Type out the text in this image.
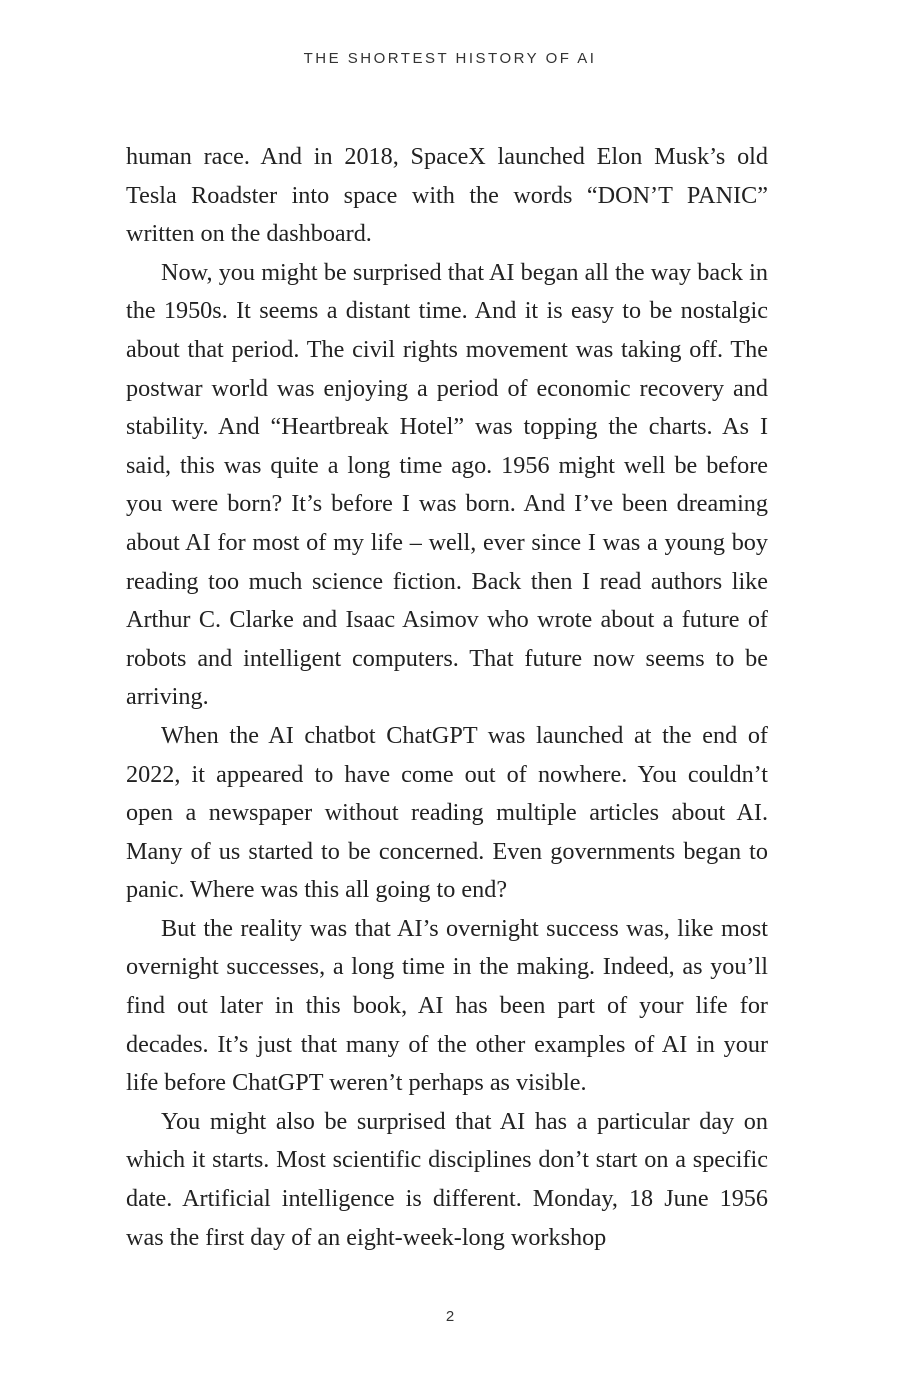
THE SHORTEST HISTORY OF AI

human race. And in 2018, SpaceX launched Elon Musk’s old Tesla Roadster into space with the words “DON’T PANIC” written on the dashboard.

Now, you might be surprised that AI began all the way back in the 1950s. It seems a distant time. And it is easy to be nostalgic about that period. The civil rights movement was taking off. The postwar world was enjoying a period of economic recovery and stability. And “Heartbreak Hotel” was topping the charts. As I said, this was quite a long time ago. 1956 might well be before you were born? It’s before I was born. And I’ve been dreaming about AI for most of my life – well, ever since I was a young boy reading too much science fiction. Back then I read authors like Arthur C. Clarke and Isaac Asimov who wrote about a future of robots and intelligent computers. That future now seems to be arriving.

When the AI chatbot ChatGPT was launched at the end of 2022, it appeared to have come out of nowhere. You couldn’t open a newspaper without reading multiple articles about AI. Many of us started to be concerned. Even governments began to panic. Where was this all going to end?

But the reality was that AI’s overnight success was, like most overnight successes, a long time in the making. Indeed, as you’ll find out later in this book, AI has been part of your life for decades. It’s just that many of the other examples of AI in your life before ChatGPT weren’t perhaps as visible.

You might also be surprised that AI has a particular day on which it starts. Most scientific disciplines don’t start on a specific date. Artificial intelligence is different. Monday, 18 June 1956 was the first day of an eight-week-long workshop

2
